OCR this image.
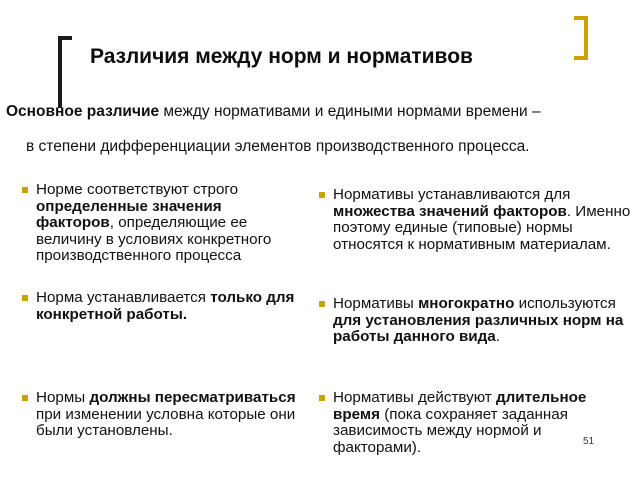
Различия между норм и нормативов
Основное различие между нормативами и едиными нормами времени –
в степени дифференциации элементов производственного процесса.
Норме соответствуют строго определенные значения факторов, определяющие ее величину в условиях конкретного производственного процесса
Норма устанавливается только для конкретной работы.
Нормы должны пересматриваться при изменении условна которые они были установлены.
Нормативы устанавливаются для множества значений факторов. Именно поэтому единые (типовые) нормы относятся к нормативным материалам.
Нормативы многократно используются для установления различных норм на работы данного вида.
Нормативы действуют длительное время (пока сохраняет заданная зависимость между нормой и факторами).	51
